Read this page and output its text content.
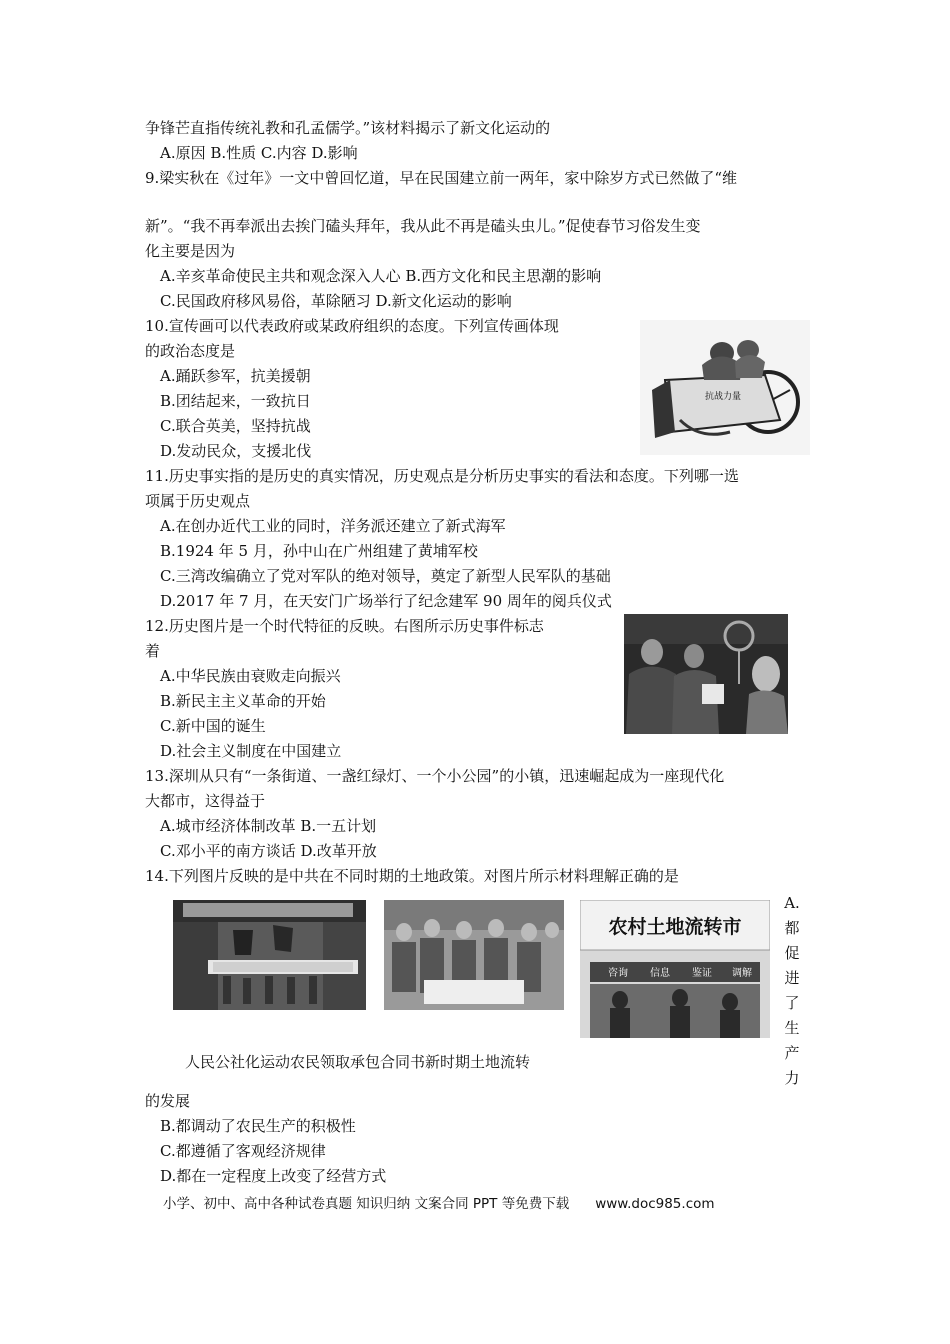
争锋芒直指传统礼教和孔孟儒学。”该材料揭示了新文化运动的
A.原因 B.性质 C.内容 D.影响
9.梁实秋在《过年》一文中曾回忆道，早在民国建立前一两年，家中除岁方式已然做了“维
新”。“我不再奉派出去挨门磕头拜年，我从此不再是磕头虫儿。”促使春节习俗发生变
化主要是因为
A.辛亥革命使民主共和观念深入人心 B.西方文化和民主思潮的影响
C.民国政府移风易俗，革除陋习 D.新文化运动的影响
10.宣传画可以代表政府或某政府组织的态度。下列宣传画体现
的政治态度是
A.踊跃参军，抗美援朝
B.团结起来，一致抗日
C.联合英美，坚持抗战
D.发动民众，支援北伐
抗战力量
11.历史事实指的是历史的真实情况，历史观点是分析历史事实的看法和态度。下列哪一选
项属于历史观点
A.在创办近代工业的同时，洋务派还建立了新式海军
B.1924 年 5 月，孙中山在广州组建了黄埔军校
C.三湾改编确立了党对军队的绝对领导，奠定了新型人民军队的基础
D.2017 年 7 月，在天安门广场举行了纪念建军 90 周年的阅兵仪式
12.历史图片是一个时代特征的反映。右图所示历史事件标志
着
A.中华民族由衰败走向振兴
B.新民主主义革命的开始
C.新中国的诞生
D.社会主义制度在中国建立
13.深圳从只有“一条街道、一盏红绿灯、一个小公园”的小镇，迅速崛起成为一座现代化
大都市，这得益于
A.城市经济体制改革 B.一五计划
C.邓小平的南方谈话 D.改革开放
14.下列图片反映的是中共在不同时期的土地政策。对图片所示材料理解正确的是
农村土地流转市
咨询 信息 鉴证 调解
A.
都
促
进
了
生
产
力
人民公社化运动农民领取承包合同书新时期土地流转
的发展
B.都调动了农民生产的积极性
C.都遵循了客观经济规律
D.都在一定程度上改变了经营方式
小学、初中、高中各种试卷真题 知识归纳 文案合同 PPT 等免费下载 www.doc985.com
